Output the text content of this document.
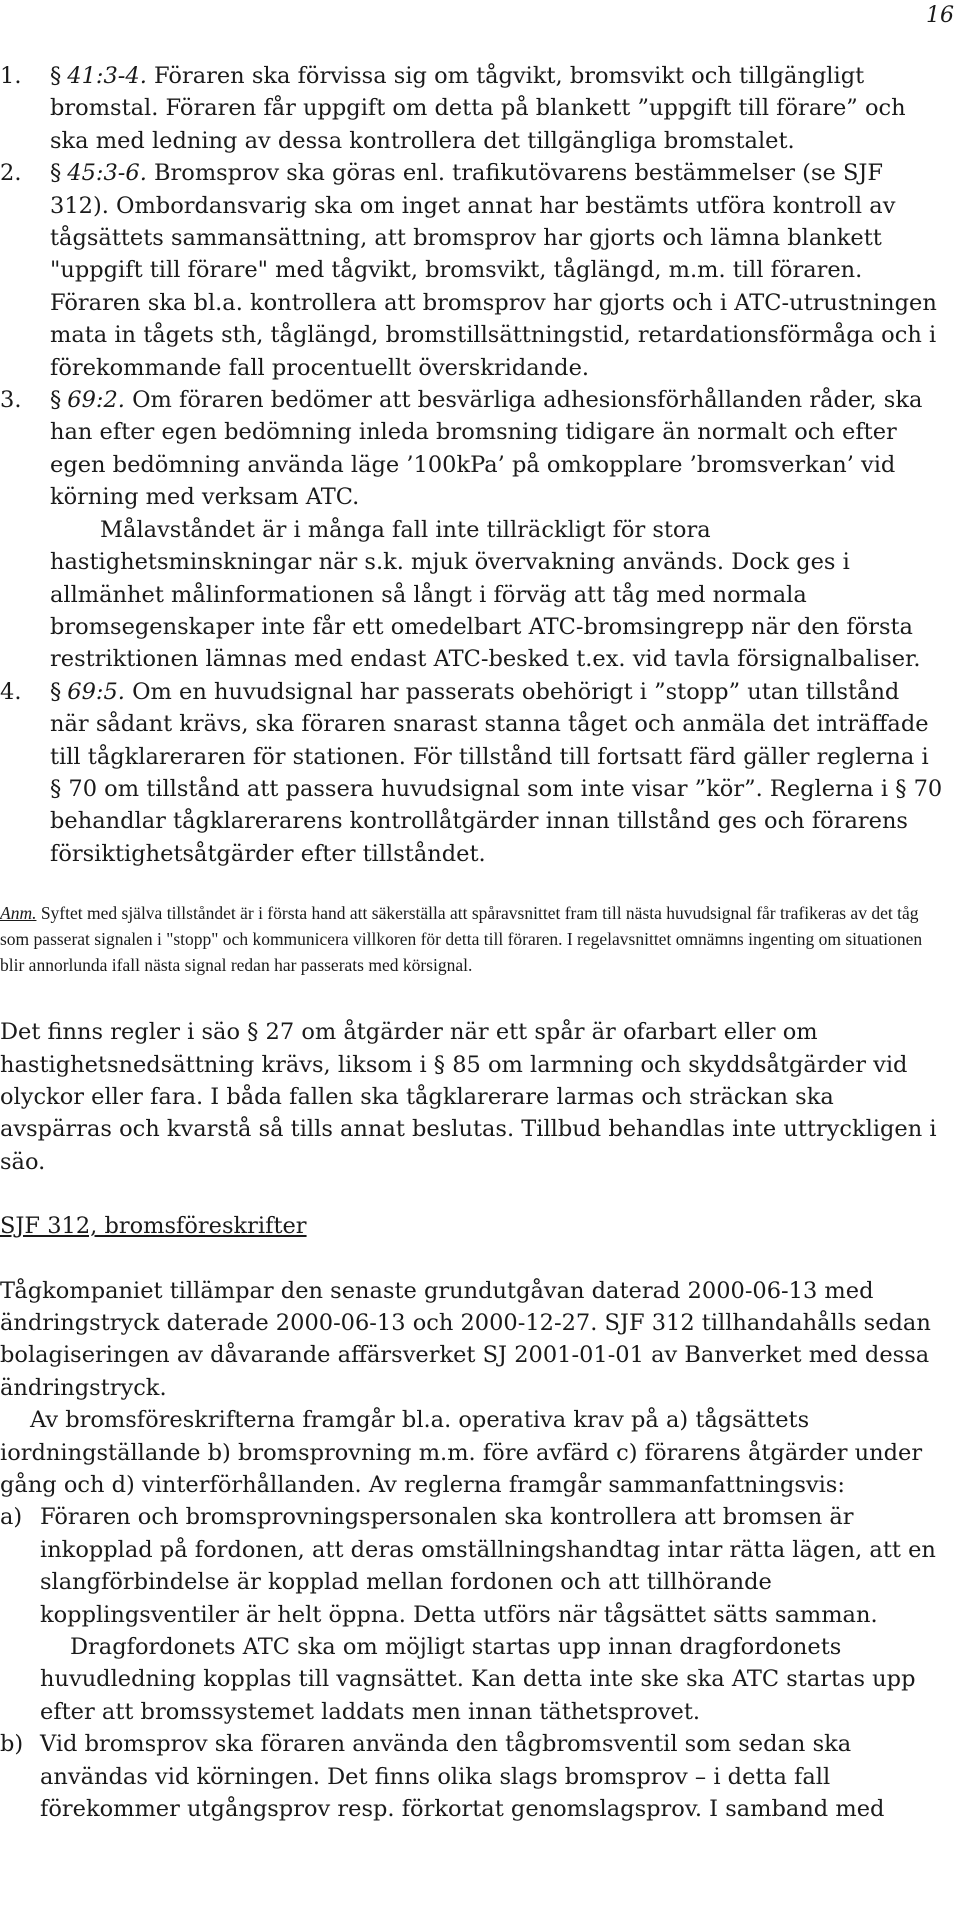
16
1. § 41:3-4. Föraren ska förvissa sig om tågvikt, bromsvikt och tillgängligt bromstal. Föraren får uppgift om detta på blankett ”uppgift till förare” och ska med ledning av dessa kontrollera det tillgängliga bromstalet.

2. § 45:3-6. Bromsprov ska göras enl. trafikutövarens bestämmelser (se SJF 312). Ombordansvarig ska om inget annat har bestämts utföra kontroll av tågsättets sammansättning, att bromsprov har gjorts och lämna blankett "uppgift till förare" med tågvikt, bromsvikt, tåglängd, m.m. till föraren. Föraren ska bl.a. kontrollera att bromsprov har gjorts och i ATC-utrustningen mata in tågets sth, tåglängd, bromstillsättningstid, retardationsförmåga och i förekommande fall procentuellt överskridande.

3. § 69:2. Om föraren bedömer att besvärliga adhesionsförhållanden råder, ska han efter egen bedömning inleda bromsning tidigare än normalt och efter egen bedömning använda läge ’100kPa’ på omkopplare ’bromsverkan’ vid körning med verksam ATC.

Målavståndet är i många fall inte tillräckligt för stora hastighetsminskningar när s.k. mjuk övervakning används. Dock ges i allmänhet målinformationen så långt i förväg att tåg med normala bromsegenskaper inte får ett omedelbart ATC-bromsingrepp när den första restriktionen lämnas med endast ATC-besked t.ex. vid tavla försignalbaliser.

4. § 69:5. Om en huvudsignal har passerats obehörigt i ”stopp” utan tillstånd när sådant krävs, ska föraren snarast stanna tåget och anmäla det inträffade till tågklareraren för stationen. För tillstånd till fortsatt färd gäller reglerna i § 70 om tillstånd att passera huvudsignal som inte visar ”kör”. Reglerna i § 70 behandlar tågklarerarens kontrollåtgärder innan tillstånd ges och förarens försiktighetsåtgärder efter tillståndet.

Anm. Syftet med själva tillståndet är i första hand att säkerställa att spåravsnittet fram till nästa huvudsignal får trafikeras av det tåg som passerat signalen i "stopp" och kommunicera villkoren för detta till föraren. I regelavsnittet omnämns ingenting om situationen blir annorlunda ifall nästa signal redan har passerats med körsignal.

Det finns regler i säo § 27 om åtgärder när ett spår är ofarbart eller om hastighetsnedsättning krävs, liksom i § 85 om larmning och skyddsåtgärder vid olyckor eller fara. I båda fallen ska tågklarerare larmas och sträckan ska avspärras och kvarstå så tills annat beslutas. Tillbud behandlas inte uttryckligen i säo.

SJF 312, bromsföreskrifter

Tågkompaniet tillämpar den senaste grundutgåvan daterad 2000-06-13 med ändringstryck daterade 2000-06-13 och 2000-12-27. SJF 312 tillhandahålls sedan bolagiseringen av dåvarande affärsverket SJ 2001-01-01 av Banverket med dessa ändringstryck.

Av bromsföreskrifterna framgår bl.a. operativa krav på a) tågsättets iordningställande b) bromsprovning m.m. före avfärd c) förarens åtgärder under gång och d) vinterförhållanden. Av reglerna framgår sammanfattningsvis:

a) Föraren och bromsprovningspersonalen ska kontrollera att bromsen är inkopplad på fordonen, att deras omställningshandtag intar rätta lägen, att en slangförbindelse är kopplad mellan fordonen och att tillhörande kopplingsventiler är helt öppna. Detta utförs när tågsättet sätts samman.

Dragfordonets ATC ska om möjligt startas upp innan dragfordonets huvudledning kopplas till vagnsättet. Kan detta inte ske ska ATC startas upp efter att bromssystemet laddats men innan täthetsprovet.

b) Vid bromsprov ska föraren använda den tågbromsventil som sedan ska användas vid körningen. Det finns olika slags bromsprov – i detta fall förekommer utgångsprov resp. förkortat genomslagsprov. I samband med
